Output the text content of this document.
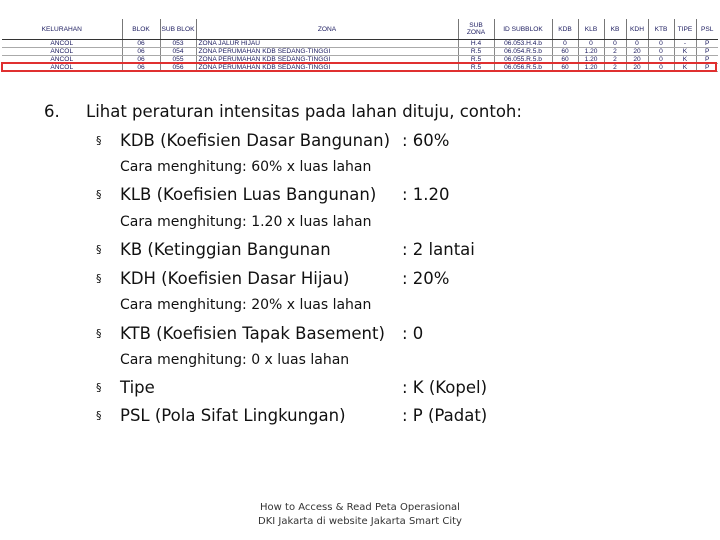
KELURAHAN	BLOK	SUB BLOK	ZONA	SUB ZONA	ID SUBBLOK	KDB	KLB	KB	KDH	KTB	TIPE	PSL
ANCOL	06	053	ZONA JALUR HIJAU	H.4	06.053.H.4.b	0	0	0	0	0	-	P
ANCOL	06	054	ZONA PERUMAHAN KDB SEDANG-TINGGI	R.5	06.054.R.5.b	60	1.20	2	20	0	K	P
ANCOL	06	055	ZONA PERUMAHAN KDB SEDANG-TINGGI	R.5	06.055.R.5.b	60	1.20	2	20	0	K	P
ANCOL	06	056	ZONA PERUMAHAN KDB SEDANG-TINGGI	R.5	06.056.R.5.b	60	1.20	2	20	0	K	P
6. Lihat peraturan intensitas pada lahan dituju, contoh:
§ KDB (Koefisien Dasar Bangunan) : 60%
Cara menghitung: 60% x luas lahan
§ KLB (Koefisien Luas Bangunan) : 1.20
Cara menghitung: 1.20 x luas lahan
§ KB (Ketinggian Bangunan	: 2 lantai
§ KDH (Koefisien Dasar Hijau)	: 20%
Cara menghitung: 20% x luas lahan
§ KTB (Koefisien Tapak Basement) : 0
Cara menghitung: 0 x luas lahan
§ Tipe	: K (Kopel)
§ PSL (Pola Sifat Lingkungan)	: P (Padat)
How to Access & Read Peta Operasional
DKI Jakarta di website Jakarta Smart City
